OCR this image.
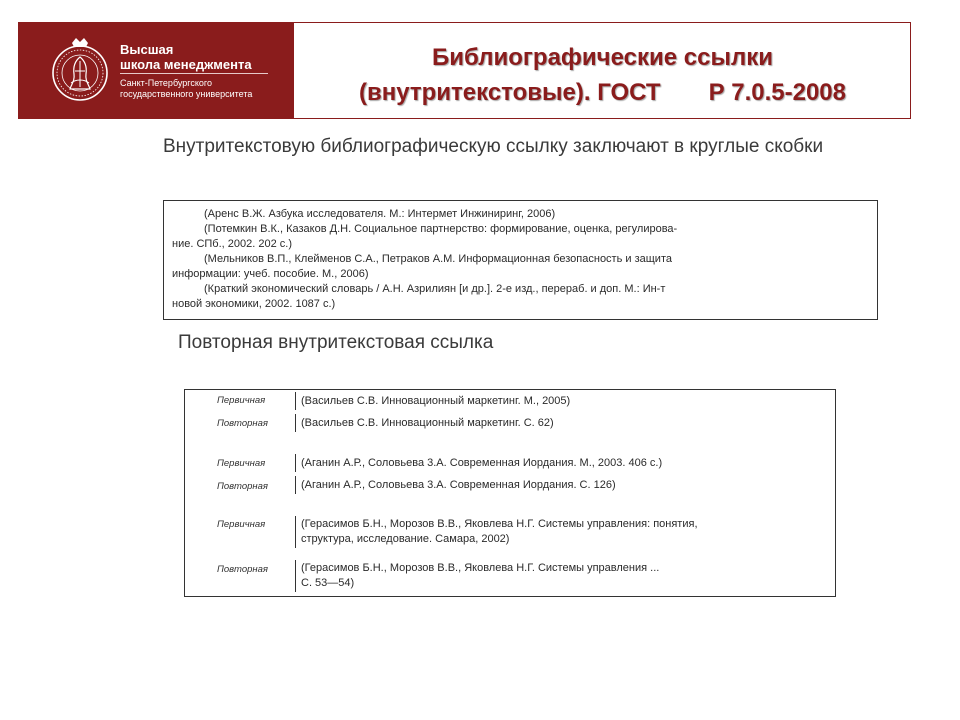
Высшая
школа менеджмента
Санкт-Петербургского
государственного университета
Библиографические ссылки
(внутритекстовые). ГОСТ Р 7.0.5-2008
Внутритекстовую библиографическую ссылку заключают в круглые скобки
(Аренс В.Ж. Азбука исследователя. М.: Интермет Инжиниринг, 2006)
(Потемкин В.К., Казаков Д.Н. Социальное партнерство: формирование, оценка, регулирова-
ние. СПб., 2002. 202 с.)
(Мельников В.П., Клейменов С.А., Петраков А.М. Информационная безопасность и защита
информации: учеб. пособие. М., 2006)
(Краткий экономический словарь / А.Н. Азрилиян [и др.]. 2-е изд., перераб. и доп. М.: Ин-т
новой экономики, 2002. 1087 с.)
Повторная внутритекстовая ссылка
Первичная	(Васильев С.В. Инновационный маркетинг. М., 2005)
Повторная	(Васильев С.В. Инновационный маркетинг. С. 62)
Первичная	(Аганин А.Р., Соловьева 3.А. Современная Иордания. М., 2003. 406 с.)
Повторная	(Аганин А.Р., Соловьева 3.А. Современная Иордания. С. 126)
Первичная	(Герасимов Б.Н., Морозов В.В., Яковлева Н.Г. Системы управления: понятия,
структура, исследование. Самара, 2002)
Повторная	(Герасимов Б.Н., Морозов В.В., Яковлева Н.Г. Системы управления ...
С. 53—54)
